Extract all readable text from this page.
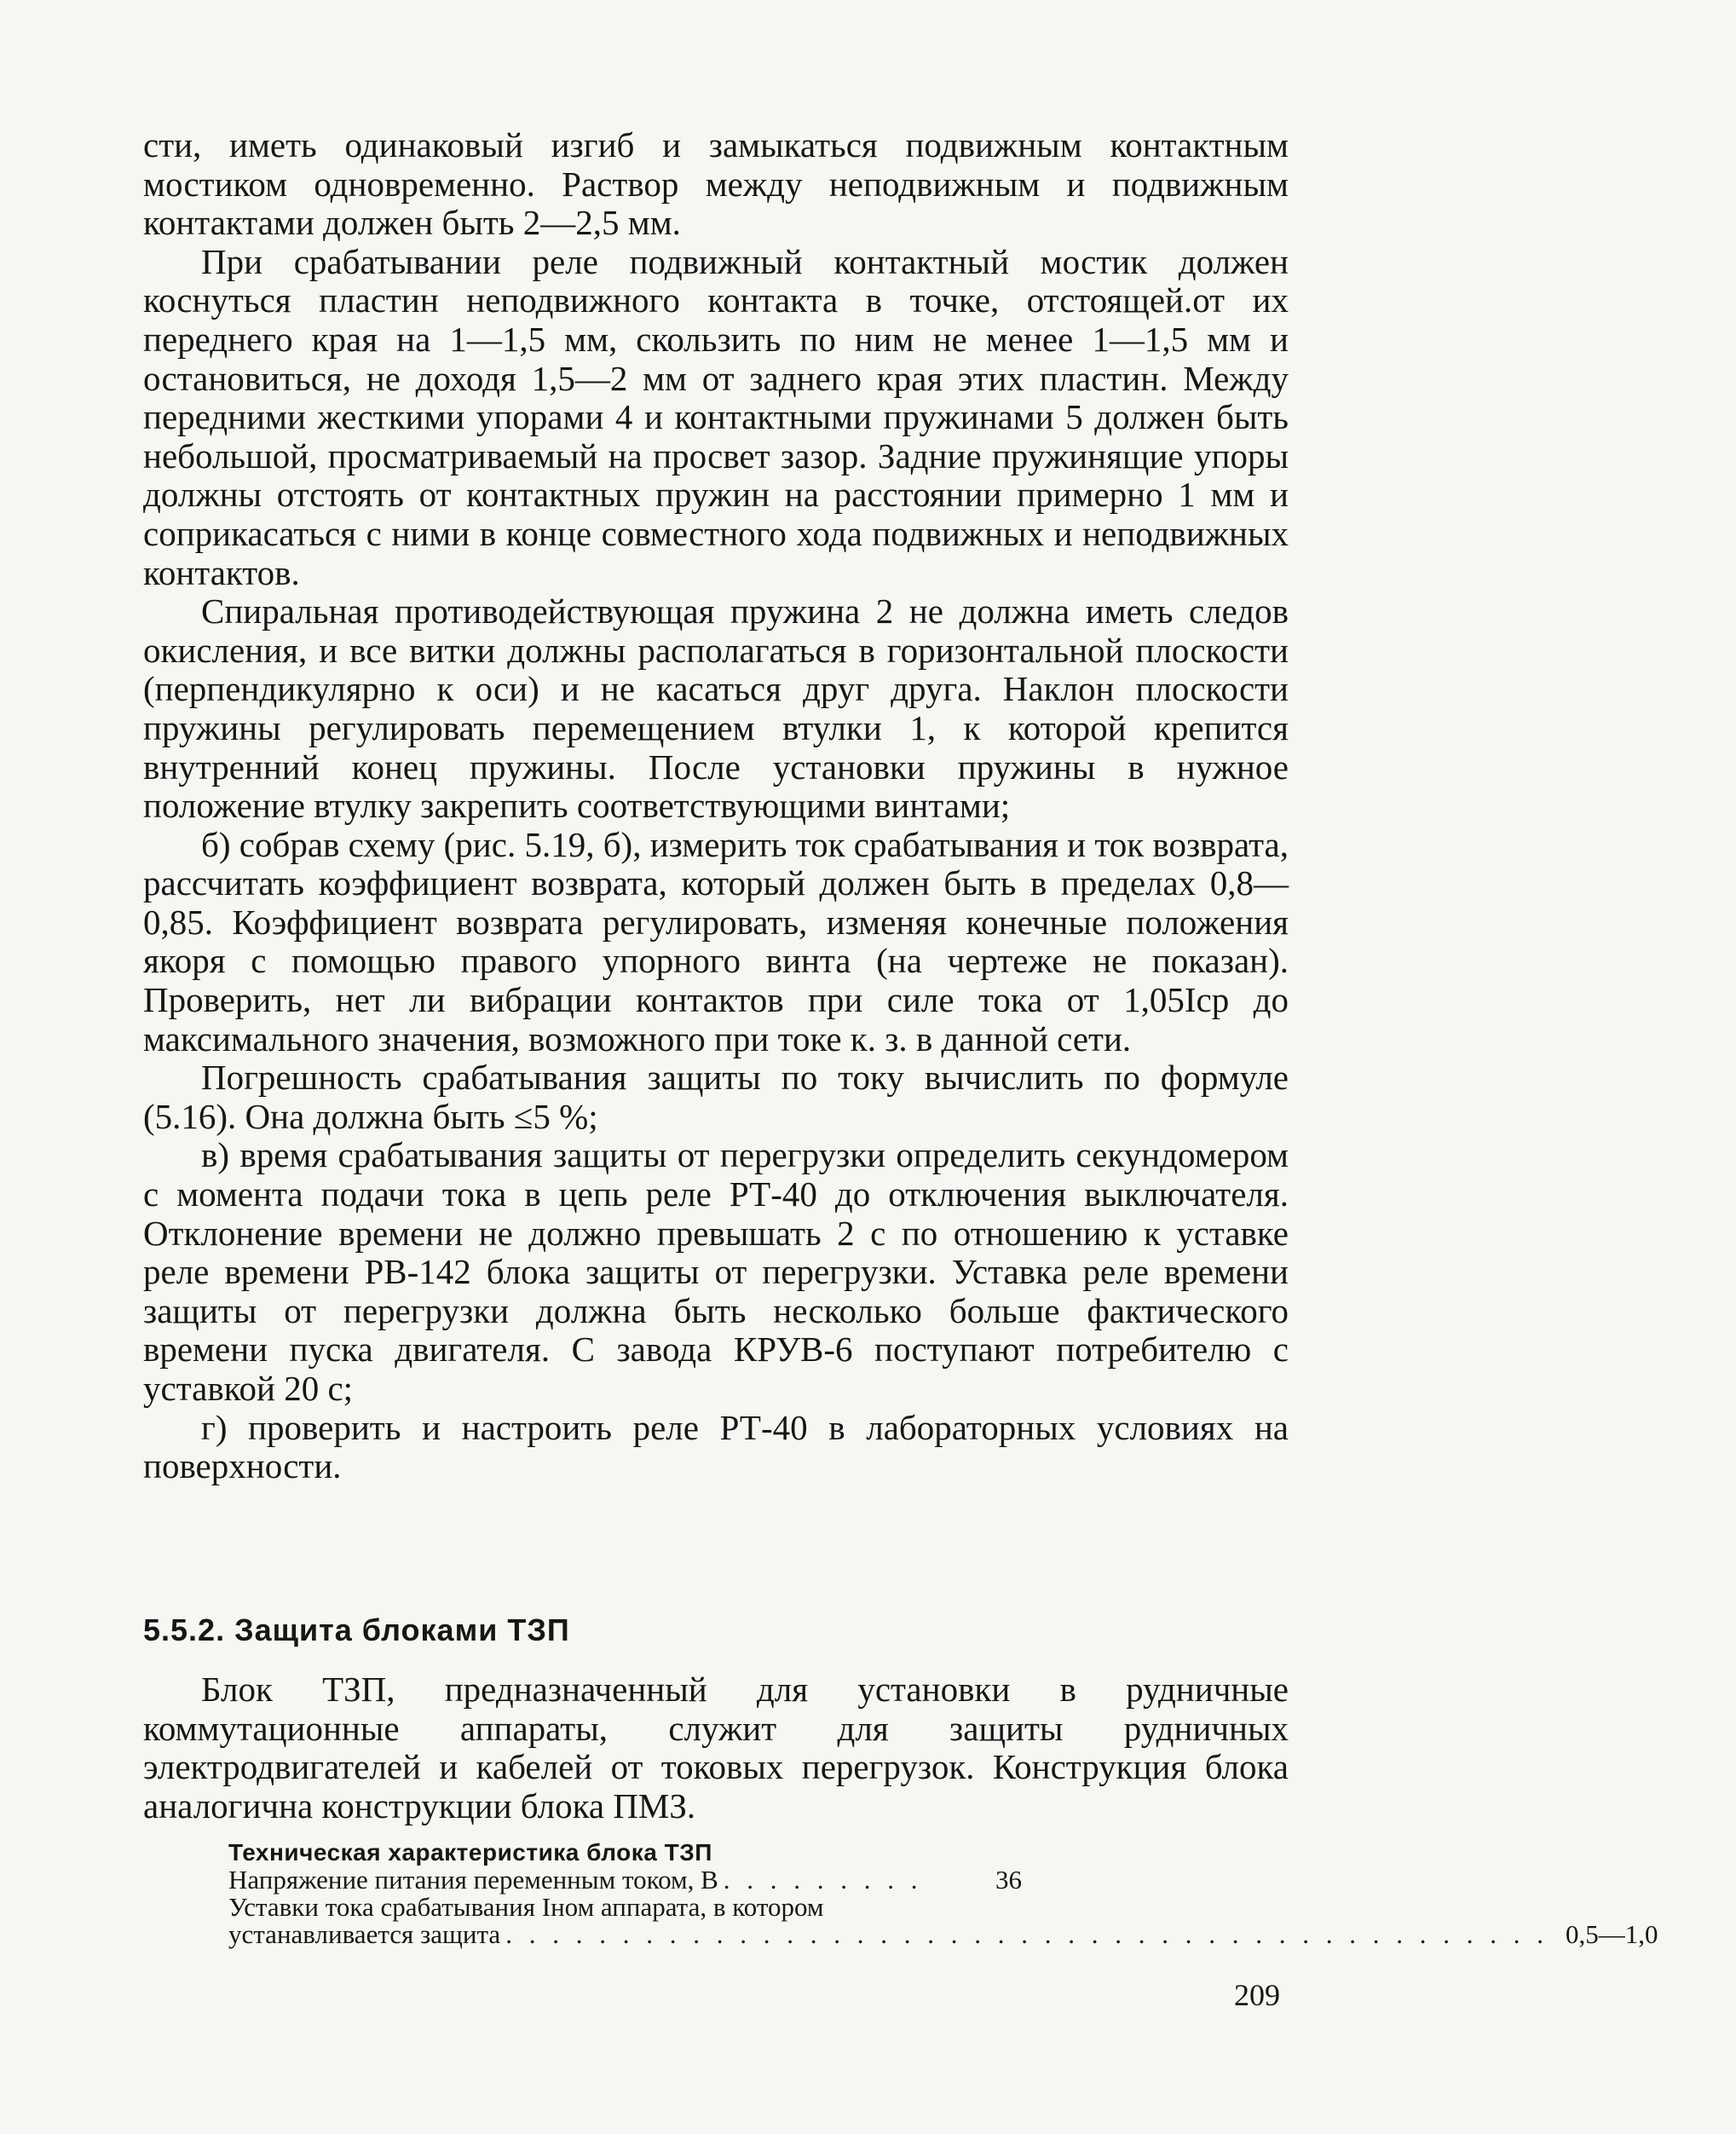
сти, иметь одинаковый изгиб и замыкаться подвижным контактным мостиком одновременно. Раствор между неподвижным и подвижным контактами должен быть 2—2,5 мм.

При срабатывании реле подвижный контактный мостик должен коснуться пластин неподвижного контакта в точке, отстоящей.от их переднего края на 1—1,5 мм, скользить по ним не менее 1—1,5 мм и остановиться, не доходя 1,5—2 мм от заднего края этих пластин. Между передними жесткими упорами 4 и контактными пружинами 5 должен быть небольшой, просматриваемый на просвет зазор. Задние пружинящие упоры должны отстоять от контактных пружин на расстоянии примерно 1 мм и соприкасаться с ними в конце совместного хода подвижных и неподвижных контактов.

Спиральная противодействующая пружина 2 не должна иметь следов окисления, и все витки должны располагаться в горизонтальной плоскости (перпендикулярно к оси) и не касаться друг друга. Наклон плоскости пружины регулировать перемещением втулки 1, к которой крепится внутренний конец пружины. После установки пружины в нужное положение втулку закрепить соответствующими винтами;

б) собрав схему (рис. 5.19, б), измерить ток срабатывания и ток возврата, рассчитать коэффициент возврата, который должен быть в пределах 0,8—0,85. Коэффициент возврата регулировать, изменяя конечные положения якоря с помощью правого упорного винта (на чертеже не показан). Проверить, нет ли вибрации контактов при силе тока от 1,05Iср до максимального значения, возможного при токе к. з. в данной сети.

Погрешность срабатывания защиты по току вычислить по формуле (5.16). Она должна быть ≤5 %;

в) время срабатывания защиты от перегрузки определить секундомером с момента подачи тока в цепь реле РТ-40 до отключения выключателя. Отклонение времени не должно превышать 2 с по отношению к уставке реле времени РВ-142 блока защиты от перегрузки. Уставка реле времени защиты от перегрузки должна быть несколько больше фактического времени пуска двигателя. С завода КРУВ-6 поступают потребителю с уставкой 20 с;

г) проверить и настроить реле РТ-40 в лабораторных условиях на поверхности.

5.5.2. Защита блоками ТЗП

Блок ТЗП, предназначенный для установки в рудничные коммутационные аппараты, служит для защиты рудничных электродвигателей и кабелей от токовых перегрузок. Конструкция блока аналогична конструкции блока ПМЗ.

Техническая характеристика блока ТЗП
Напряжение питания переменным током, В . . . . . . . . .	36
Уставки тока срабатывания Iном аппарата, в котором
устанавливается защита . . . . . . . . . . . . . . . . . . . . . . . . . . . . . . . . . . . . . . . . . . . . . 0,5—1,0
209
